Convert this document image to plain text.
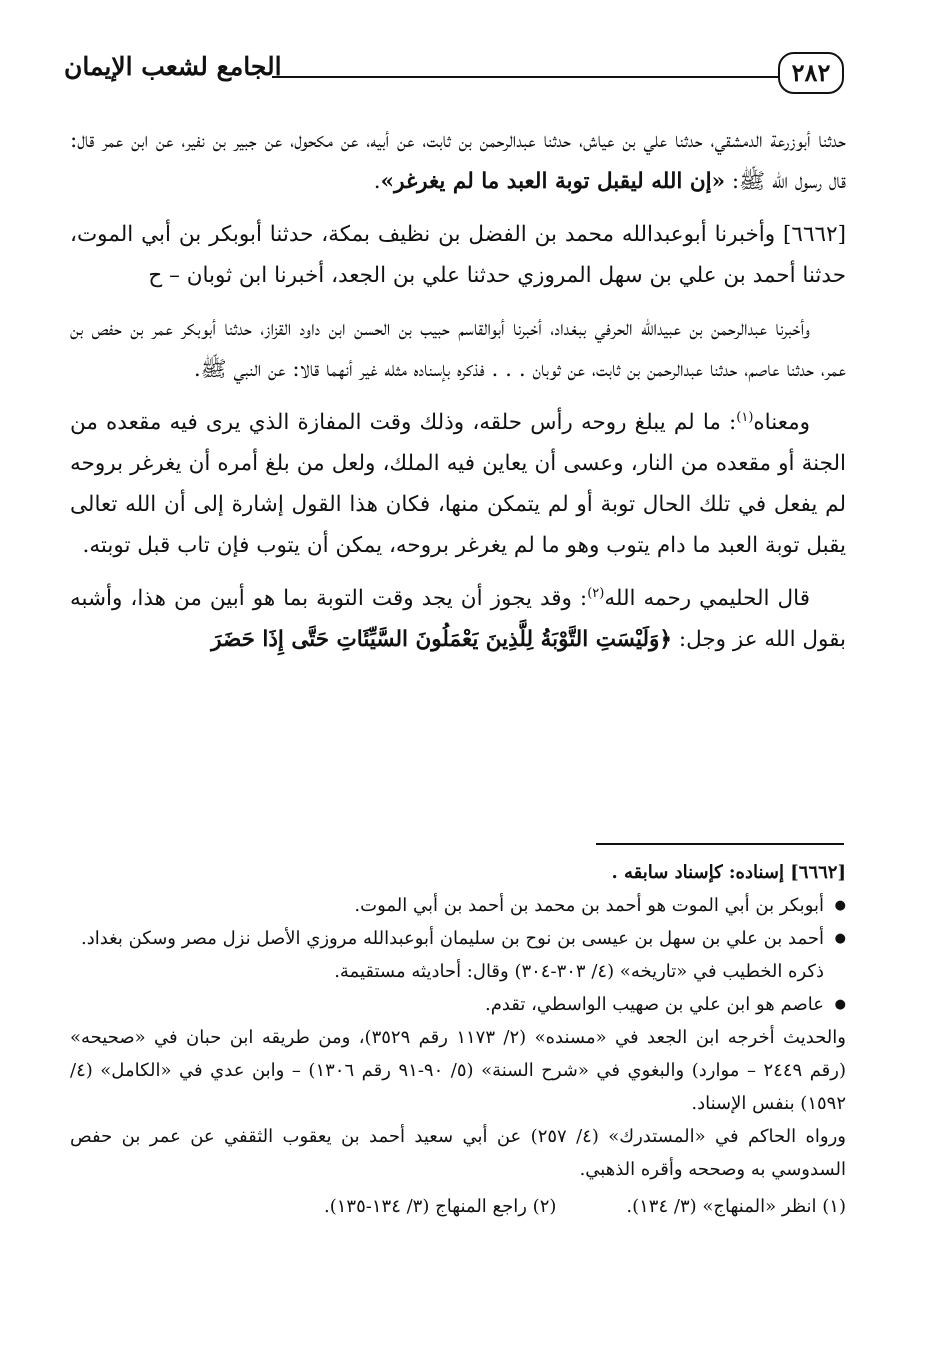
٢٨٢
الجامع لشعب الإيمان

حدثنا أبوزرعة الدمشقي، حدثنا علي بن عياش، حدثنا عبدالرحمن بن ثابت، عن أبيه، عن مكحول، عن جبير بن نفير، عن ابن عمر قال: قال رسول الله ﷺ: «إن الله ليقبل توبة العبد ما لم يغرغر».

[٦٦٦٢] وأخبرنا أبوعبدالله محمد بن الفضل بن نظيف بمكة، حدثنا أبوبكر بن أبي الموت، حدثنا أحمد بن علي بن سهل المروزي حدثنا علي بن الجعد، أخبرنا ابن ثوبان – ح

وأخبرنا عبدالرحمن بن عبيدالله الحرفي ببغداد، أخبرنا أبوالقاسم حبيب بن الحسن ابن داود القزاز، حدثنا أبوبكر عمر بن حفص بن عمر، حدثنا عاصم، حدثنا عبدالرحمن بن ثابت، عن ثوبان . . . فذكره بإسناده مثله غير أنهما قالا: عن النبي ﷺ.

ومعناه$^{(١)}$: ما لم يبلغ روحه رأس حلقه، وذلك وقت المفازة الذي يرى فيه مقعده من الجنة أو مقعده من النار، وعسى أن يعاين فيه الملك، ولعل من بلغ أمره أن يغرغر بروحه لم يفعل في تلك الحال توبة أو لم يتمكن منها، فكان هذا القول إشارة إلى أن الله تعالى يقبل توبة العبد ما دام يتوب وهو ما لم يغرغر بروحه، يمكن أن يتوب فإن تاب قبل توبته.

قال الحليمي رحمه الله$^{(٢)}$: وقد يجوز أن يجد وقت التوبة بما هو أبين من هذا، وأشبه بقول الله عز وجل: ﴿وَلَيْسَتِ التَّوْبَةُ لِلَّذِينَ يَعْمَلُونَ السَّيِّئَاتِ حَتَّى إِذَا حَضَرَ

[٦٦٦٢] إسناده: كإسناد سابقه .

● أبوبكر بن أبي الموت هو أحمد بن محمد بن أحمد بن أبي الموت.

● أحمد بن علي بن سهل بن عيسى بن نوح بن سليمان أبوعبدالله مروزي الأصل نزل مصر وسكن بغداد.

ذكره الخطيب في «تاريخه» (٤/ ٣٠٣-٣٠٤) وقال: أحاديثه مستقيمة.

● عاصم هو ابن علي بن صهيب الواسطي، تقدم.

والحديث أخرجه ابن الجعد في «مسنده» (٢/ ١١٧٣ رقم ٣٥٢٩)، ومن طريقه ابن حبان في «صحيحه» (رقم ٢٤٤٩ – موارد) والبغوي في «شرح السنة» (٥/ ٩٠-٩١ رقم ١٣٠٦) – وابن عدي في «الكامل» (٤/ ١٥٩٢) بنفس الإسناد.

ورواه الحاكم في «المستدرك» (٤/ ٢٥٧) عن أبي سعيد أحمد بن يعقوب الثقفي عن عمر بن حفص السدوسي به وصححه وأقره الذهبي.

(١) انظر «المنهاج» (٣/ ١٣٤).
(٢) راجع المنهاج (٣/ ١٣٤-١٣٥).
